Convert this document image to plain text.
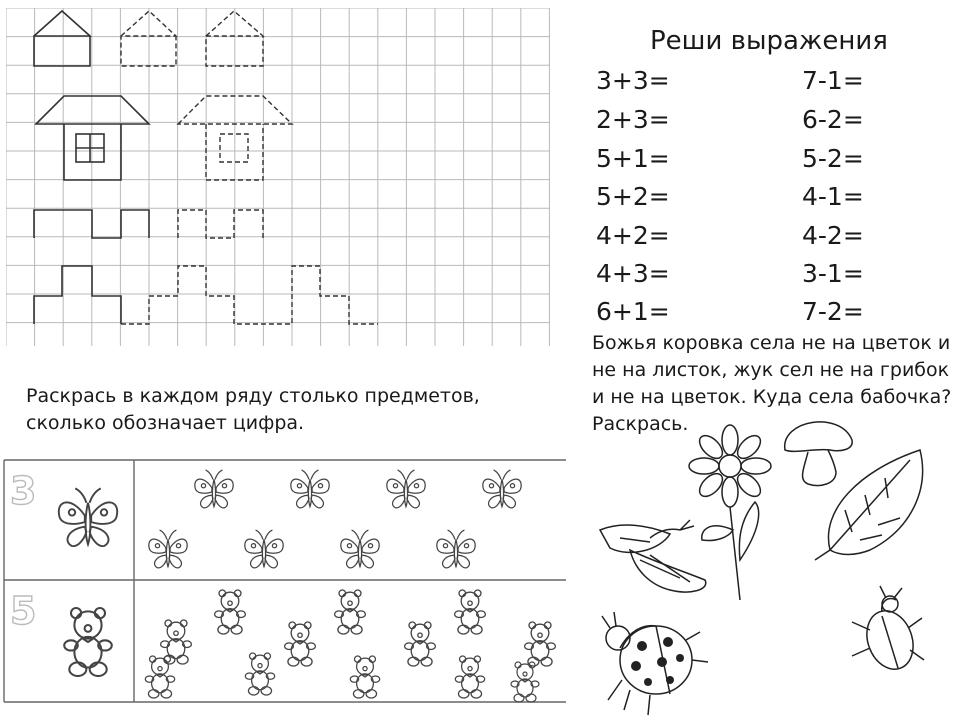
Реши выражения
3+3=
2+3=
5+1=
5+2=
4+2=
4+3=
6+1=
7-1=
6-2=
5-2=
4-1=
4-2=
3-1=
7-2=
Раскрась в каждом ряду столько предметов, сколько обозначает цифра.
Божья коровка села не на цветок и не на листок, жук сел не на грибок и не на цветок. Куда села бабочка? Раскрась.
3
5
